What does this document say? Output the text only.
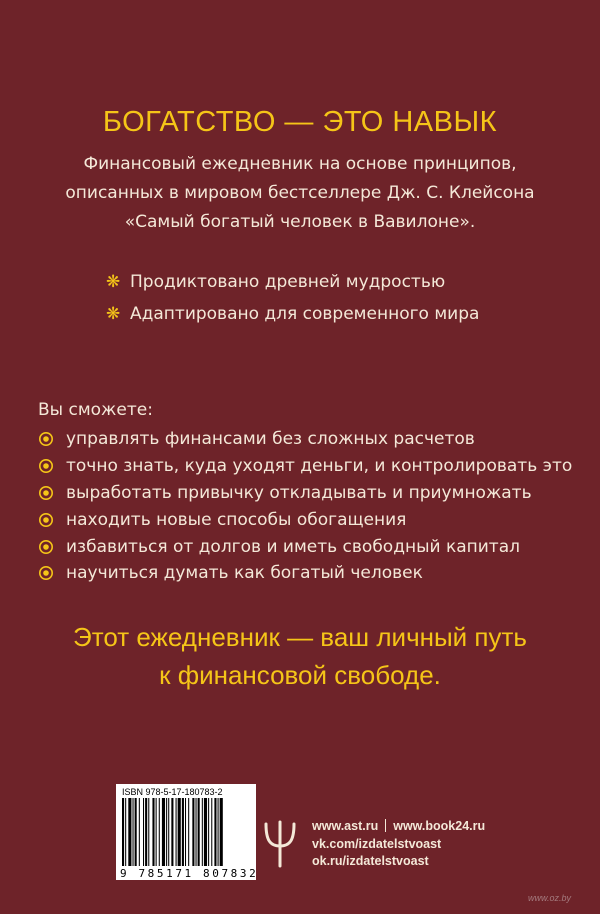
БОГАТСТВО — ЭТО НАВЫК
Финансовый ежедневник на основе принципов,
описанных в мировом бестселлере Дж. С. Клейсона
«Самый богатый человек в Вавилоне».
❋ Продиктовано древней мудростью
❋ Адаптировано для современного мира
Вы сможете:
управлять финансами без сложных расчетов
точно знать, куда уходят деньги, и контролировать это
выработать привычку откладывать и приумножать
находить новые способы обогащения
избавиться от долгов и иметь свободный капитал
научиться думать как богатый человек
Этот ежедневник — ваш личный путь
к финансовой свободе.
ISBN 978-5-17-180783-2
9 785171 807832
www.ast.ru www.book24.ru
vk.com/izdatelstvoast
ok.ru/izdatelstvoast
www.oz.by
